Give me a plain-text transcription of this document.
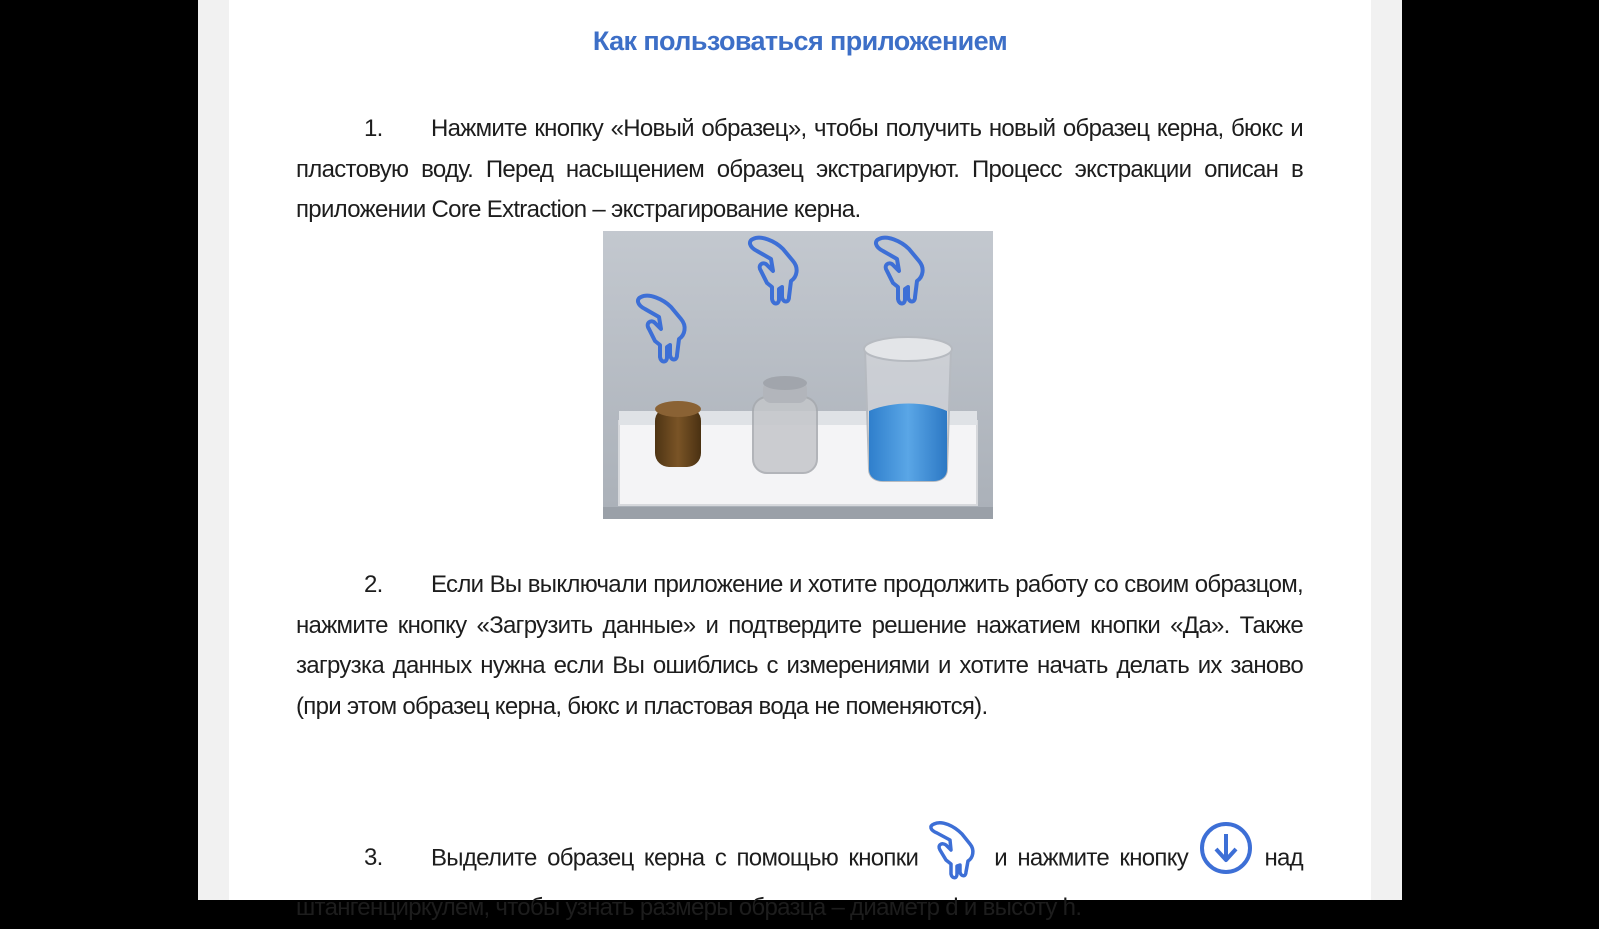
Как пользоваться приложением
1. Нажмите кнопку «Новый образец», чтобы получить новый образец керна, бюкс и пластовую воду. Перед насыщением образец экстрагируют. Процесс экстракции описан в приложении Core Extraction – экстрагирование керна.
2. Если Вы выключали приложение и хотите продолжить работу со своим образцом, нажмите кнопку «Загрузить данные» и подтвердите решение нажатием кнопки «Да». Также загрузка данных нужна если Вы ошиблись с измерениями и хотите начать делать их заново (при этом образец керна, бюкс и пластовая вода не поменяются).
3. Выделите образец керна с помощью кнопки	и нажмите кнопку	над штангенциркулем, чтобы узнать размеры образца – диаметр d и высоту h.
